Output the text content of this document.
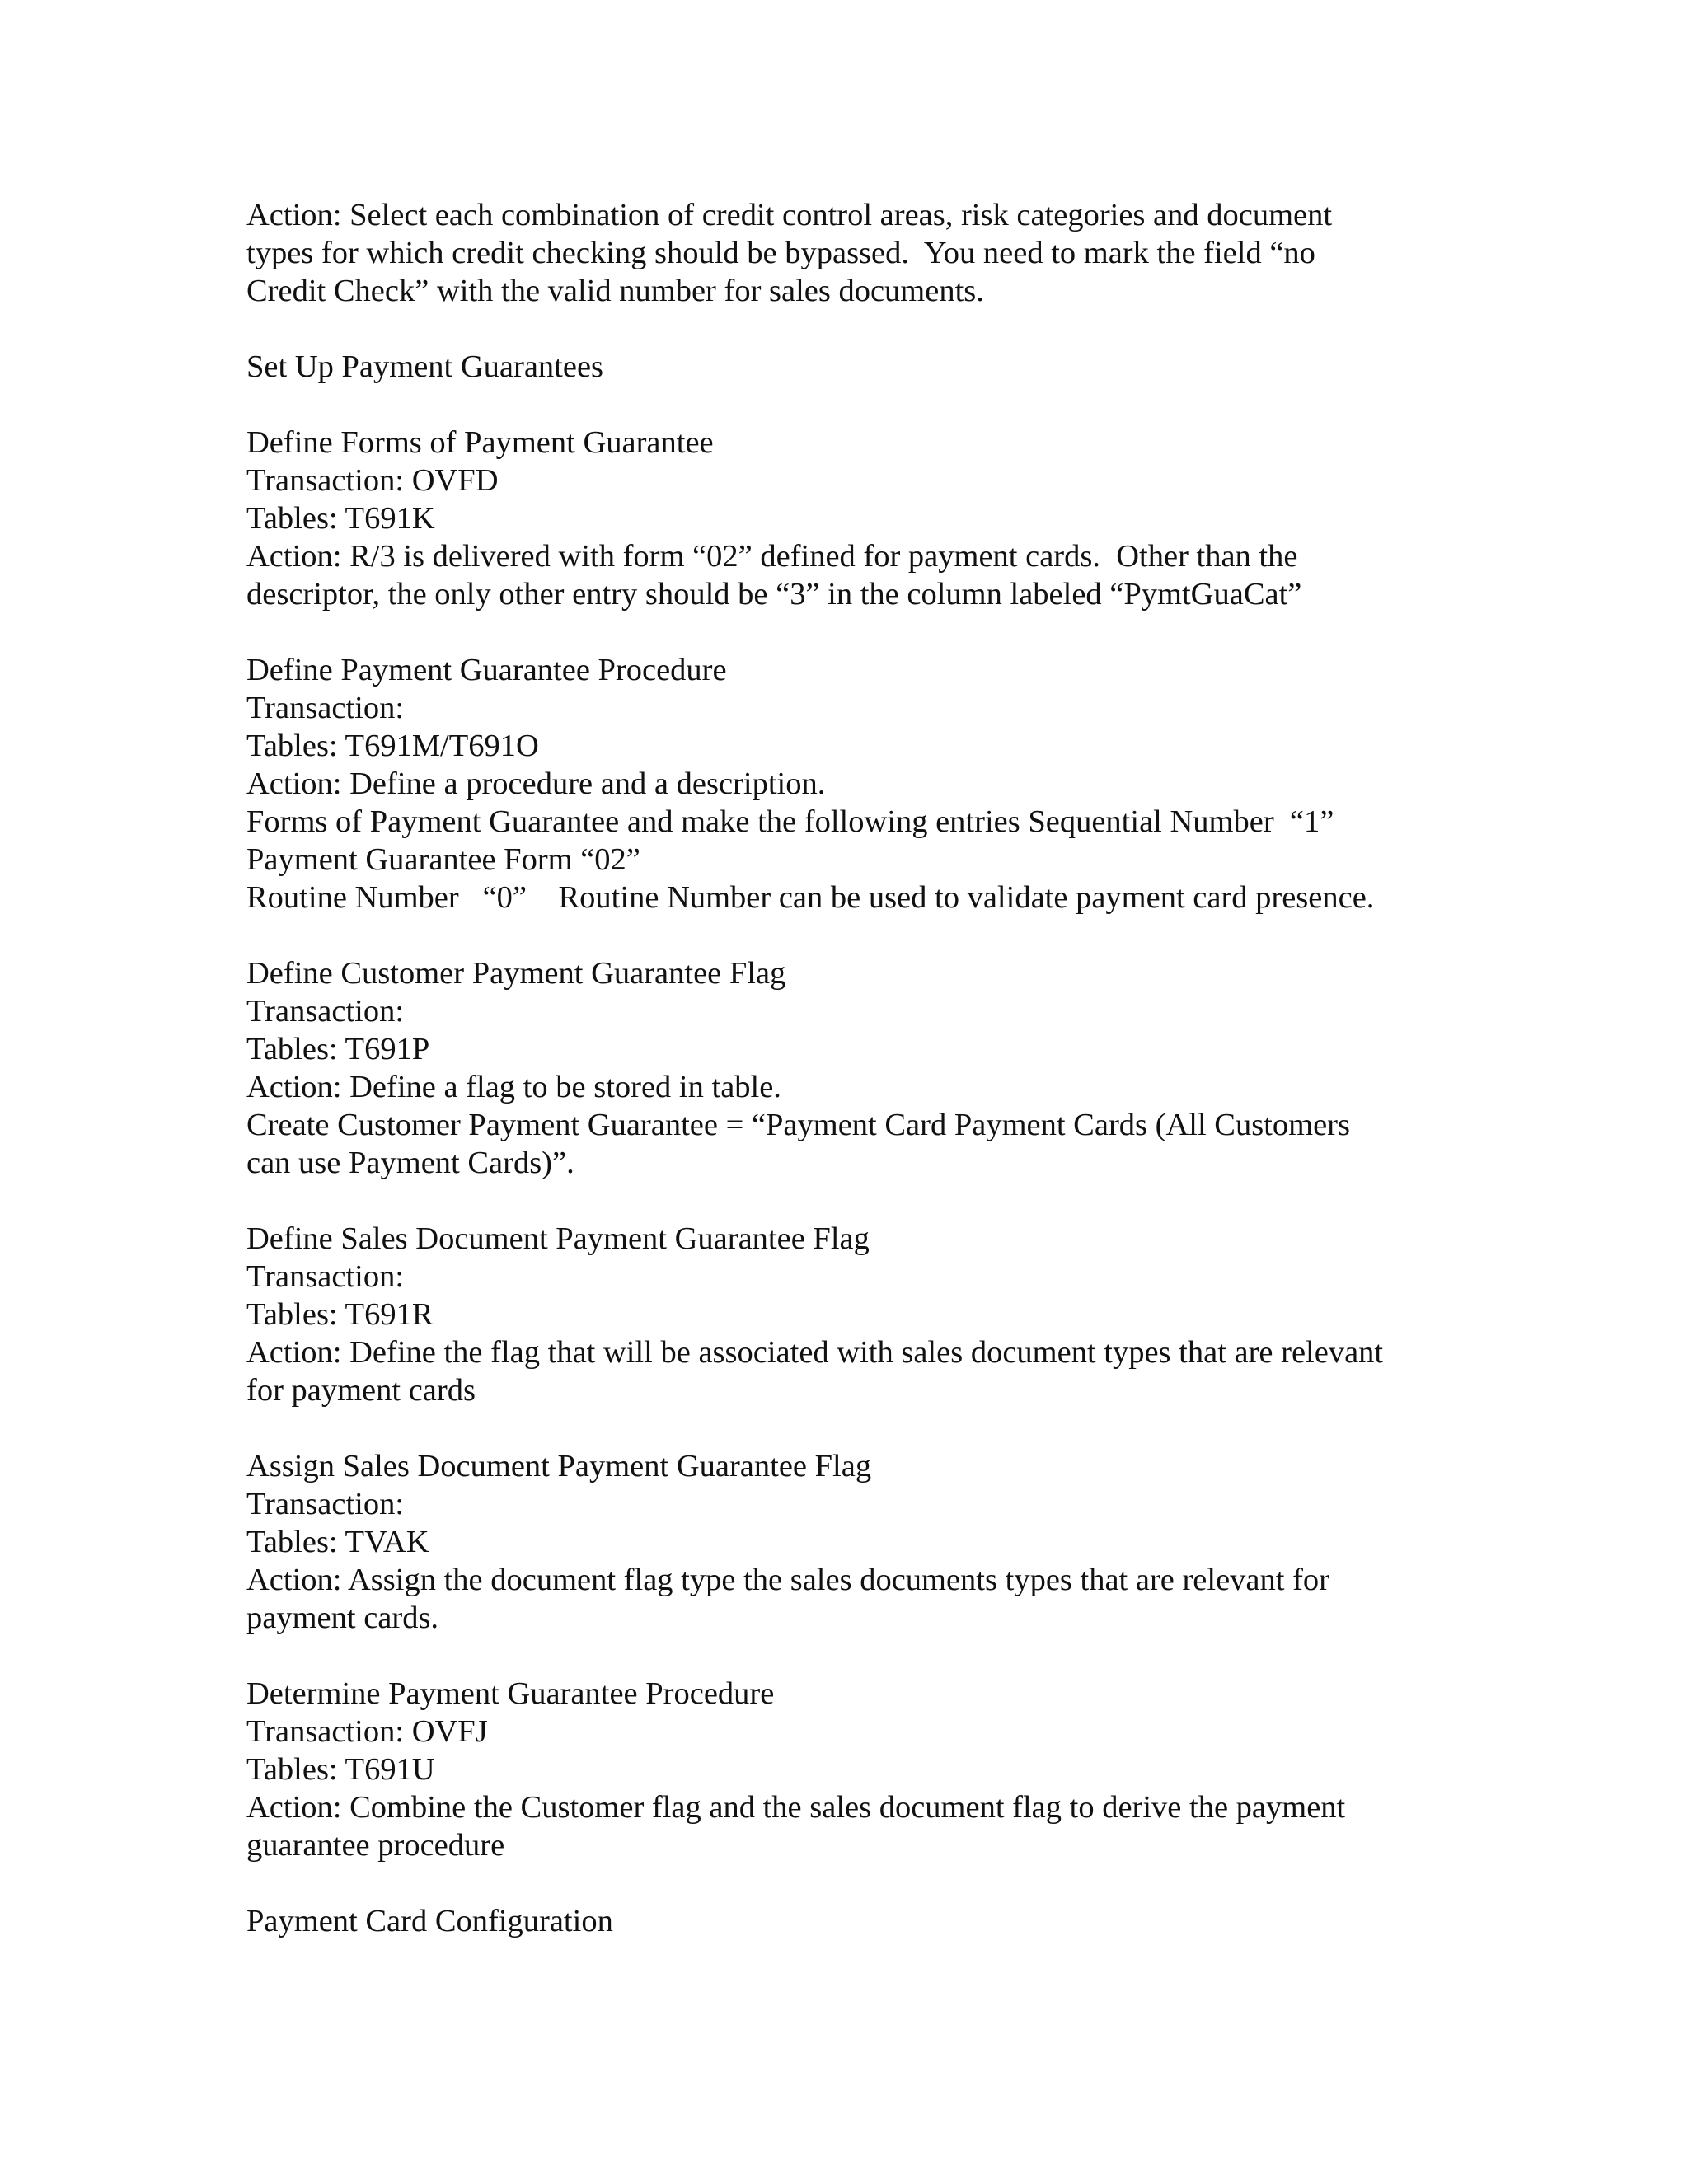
Action: Select each combination of credit control areas, risk categories and document
types for which credit checking should be bypassed.  You need to mark the field “no
Credit Check” with the valid number for sales documents.
Set Up Payment Guarantees
Define Forms of Payment Guarantee
Transaction: OVFD
Tables: T691K
Action: R/3 is delivered with form “02” defined for payment cards.  Other than the
descriptor, the only other entry should be “3” in the column labeled “PymtGuaCat”
Define Payment Guarantee Procedure
Transaction:
Tables: T691M/T691O
Action: Define a procedure and a description.
Forms of Payment Guarantee and make the following entries Sequential Number  “1”
Payment Guarantee Form “02”
Routine Number   “0”    Routine Number can be used to validate payment card presence.
Define Customer Payment Guarantee Flag
Transaction:
Tables: T691P
Action: Define a flag to be stored in table.
Create Customer Payment Guarantee = “Payment Card Payment Cards (All Customers
can use Payment Cards)”.
Define Sales Document Payment Guarantee Flag
Transaction:
Tables: T691R
Action: Define the flag that will be associated with sales document types that are relevant
for payment cards
Assign Sales Document Payment Guarantee Flag
Transaction:
Tables: TVAK
Action: Assign the document flag type the sales documents types that are relevant for
payment cards.
Determine Payment Guarantee Procedure
Transaction: OVFJ
Tables: T691U
Action: Combine the Customer flag and the sales document flag to derive the payment
guarantee procedure
Payment Card Configuration
